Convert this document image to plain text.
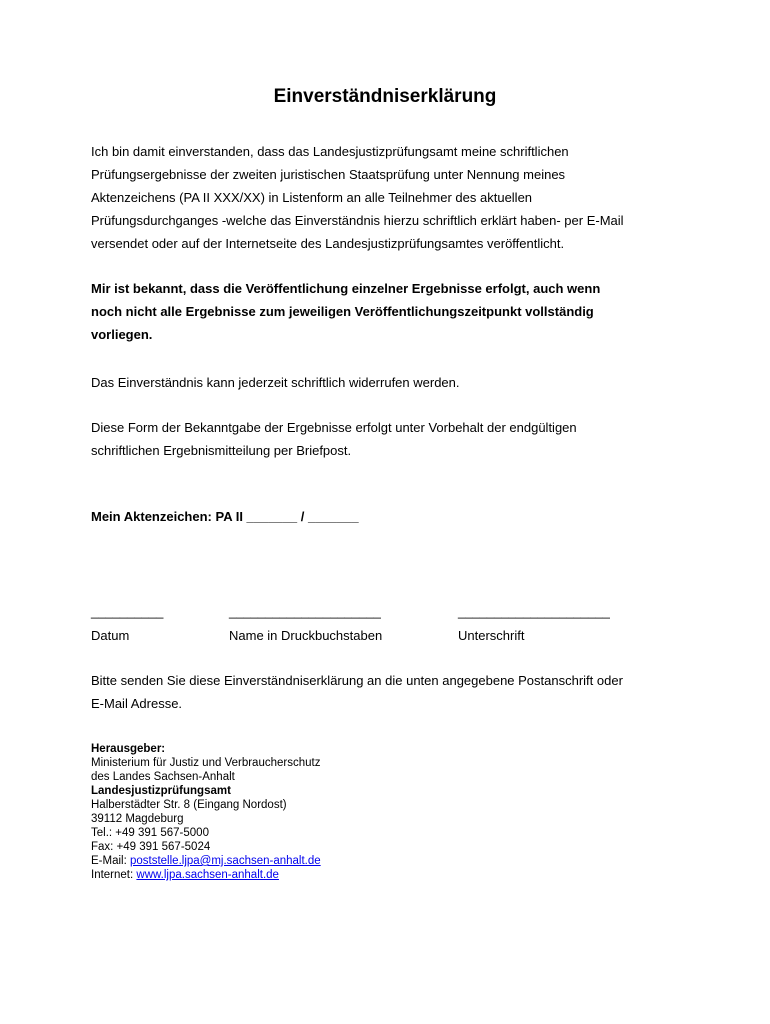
Einverständniserklärung

Ich bin damit einverstanden, dass das Landesjustizprüfungsamt meine schriftlichen
Prüfungsergebnisse der zweiten juristischen Staatsprüfung unter Nennung meines
Aktenzeichens (PA II XXX/XX) in Listenform an alle Teilnehmer des aktuellen
Prüfungsdurchganges -welche das Einverständnis hierzu schriftlich erklärt haben- per E-Mail
versendet oder auf der Internetseite des Landesjustizprüfungsamtes veröffentlicht.

Mir ist bekannt, dass die Veröffentlichung einzelner Ergebnisse erfolgt, auch wenn
noch nicht alle Ergebnisse zum jeweiligen Veröffentlichungszeitpunkt vollständig
vorliegen.

Das Einverständnis kann jederzeit schriftlich widerrufen werden.

Diese Form der Bekanntgabe der Ergebnisse erfolgt unter Vorbehalt der endgültigen
schriftlichen Ergebnismitteilung per Briefpost.

Mein Aktenzeichen: PA II _______ / _______

__________
Datum
_____________________
Name in Druckbuchstaben
_____________________
Unterschrift

Bitte senden Sie diese Einverständniserklärung an die unten angegebene Postanschrift oder
E-Mail Adresse.

Herausgeber:
Ministerium für Justiz und Verbraucherschutz
des Landes Sachsen-Anhalt
Landesjustizprüfungsamt
Halberstädter Str. 8 (Eingang Nordost)
39112 Magdeburg
Tel.: +49 391 567-5000
Fax: +49 391 567-5024
E-Mail: poststelle.ljpa@mj.sachsen-anhalt.de
Internet: www.ljpa.sachsen-anhalt.de
